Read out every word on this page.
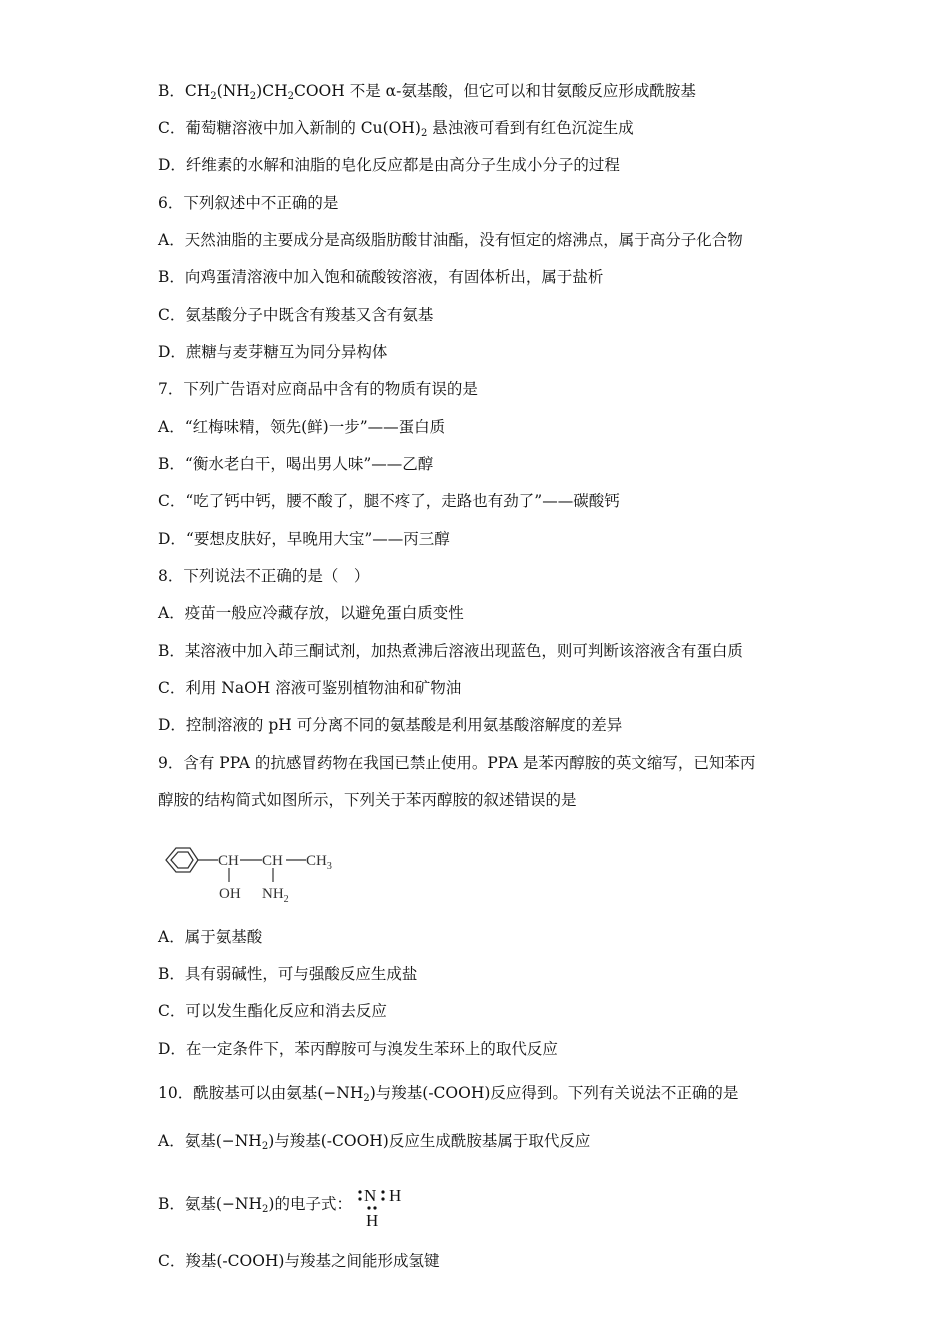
B．$CH_2(NH_2)CH_2COOH$ 不是 α-氨基酸，但它可以和甘氨酸反应形成酰胺基
C．葡萄糖溶液中加入新制的 $Cu(OH)_2$ 悬浊液可看到有红色沉淀生成
D．纤维素的水解和油脂的皂化反应都是由高分子生成小分子的过程
6．下列叙述中不正确的是
A．天然油脂的主要成分是高级脂肪酸甘油酯，没有恒定的熔沸点，属于高分子化合物
B．向鸡蛋清溶液中加入饱和硫酸铵溶液，有固体析出，属于盐析
C．氨基酸分子中既含有羧基又含有氨基
D．蔗糖与麦芽糖互为同分异构体
7．下列广告语对应商品中含有的物质有误的是
A．“红梅味精，领先(鲜)一步”——蛋白质
B．“衡水老白干，喝出男人味”——乙醇
C．“吃了钙中钙，腰不酸了，腿不疼了，走路也有劲了”——碳酸钙
D．“要想皮肤好，早晚用大宝”——丙三醇
8．下列说法不正确的是（　）
A．疫苗一般应冷藏存放，以避免蛋白质变性
B．某溶液中加入茚三酮试剂，加热煮沸后溶液出现蓝色，则可判断该溶液含有蛋白质
C．利用 NaOH 溶液可鉴别植物油和矿物油
D．控制溶液的 pH 可分离不同的氨基酸是利用氨基酸溶解度的差异
9．含有 PPA 的抗感冒药物在我国已禁止使用。PPA 是苯丙醇胺的英文缩写，已知苯丙
醇胺的结构简式如图所示，下列关于苯丙醇胺的叙述错误的是
CH CH $CH_3$
OH $NH_2$
A．属于氨基酸
B．具有弱碱性，可与强酸反应生成盐
C．可以发生酯化反应和消去反应
D．在一定条件下，苯丙醇胺可与溴发生苯环上的取代反应
10．酰胺基可以由氨基$(-NH_2)$与羧基(-COOH)反应得到。下列有关说法不正确的是
A．氨基$(-NH_2)$与羧基(-COOH)反应生成酰胺基属于取代反应
B．氨基$(-NH_2)$的电子式： N H
H
C．羧基(-COOH)与羧基之间能形成氢键
